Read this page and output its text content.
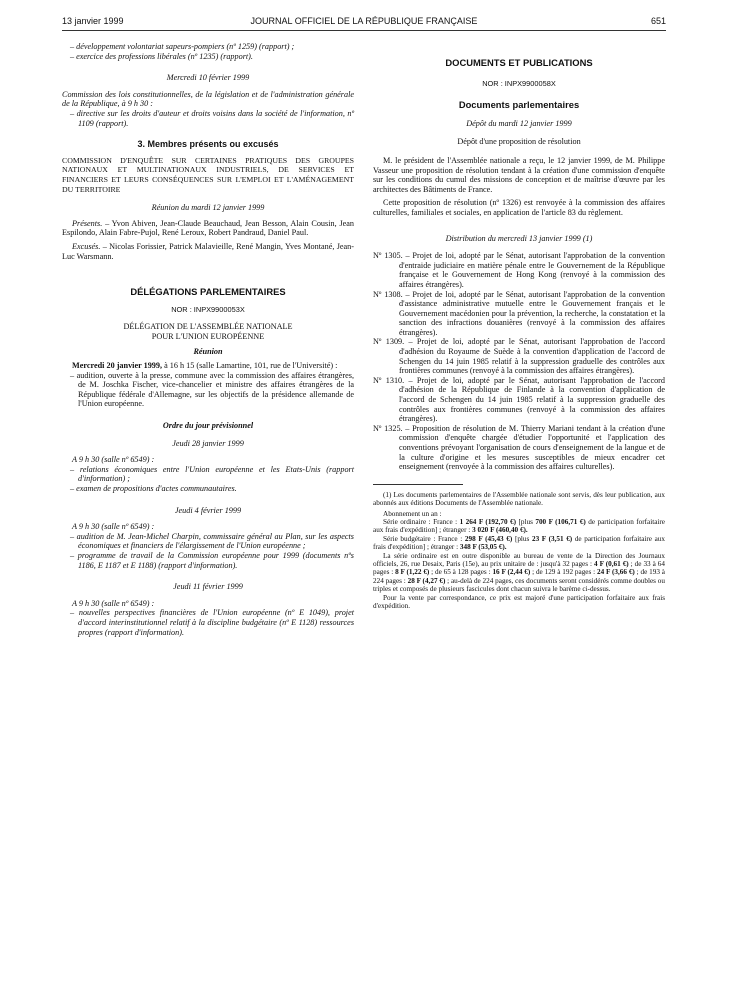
13 janvier 1999	JOURNAL OFFICIEL DE LA RÉPUBLIQUE FRANÇAISE	651

– développement volontariat sapeurs-pompiers (nº 1259) (rapport) ;

– exercice des professions libérales (nº 1235) (rapport).

Mercredi 10 février 1999

Commission des lois constitutionnelles, de la législation et de l'administration générale de la République, à 9 h 30 :

– directive sur les droits d'auteur et droits voisins dans la société de l'information, nº 1109 (rapport).

3. Membres présents ou excusés

COMMISSION D'ENQUÊTE SUR CERTAINES PRATIQUES DES GROUPES NATIONAUX ET MULTINATIONAUX INDUSTRIELS, DE SERVICES ET FINANCIERS ET LEURS CONSÉQUENCES SUR L'EMPLOI ET L'AMÉNAGEMENT DU TERRITOIRE

Réunion du mardi 12 janvier 1999

Présents. – Yvon Abiven, Jean-Claude Beauchaud, Jean Besson, Alain Cousin, Jean Espilondo, Alain Fabre-Pujol, René Leroux, Robert Pandraud, Daniel Paul.

Excusés. – Nicolas Forissier, Patrick Malavieille, René Mangin, Yves Montané, Jean-Luc Warsmann.

DÉLÉGATIONS PARLEMENTAIRES

NOR : INPX9900053X

DÉLÉGATION DE L'ASSEMBLÉE NATIONALE POUR L'UNION EUROPÉENNE

Réunion

Mercredi 20 janvier 1999, à 16 h 15 (salle Lamartine, 101, rue de l'Université) :

– audition, ouverte à la presse, commune avec la commission des affaires étrangères, de M. Joschka Fischer, vice-chancelier et ministre des affaires étrangères de la République fédérale d'Allemagne, sur les objectifs de la présidence allemande de l'Union européenne.

Ordre du jour prévisionnel

Jeudi 28 janvier 1999

A 9 h 30 (salle nº 6549) :

– relations économiques entre l'Union européenne et les Etats-Unis (rapport d'information) ;

– examen de propositions d'actes communautaires.

Jeudi 4 février 1999

A 9 h 30 (salle nº 6549) :

– audition de M. Jean-Michel Charpin, commissaire général au Plan, sur les aspects économiques et financiers de l'élargissement de l'Union européenne ;

– programme de travail de la Commission européenne pour 1999 (documents nºs 1186, E 1187 et E 1188) (rapport d'information).

Jeudi 11 février 1999

A 9 h 30 (salle nº 6549) :

– nouvelles perspectives financières de l'Union européenne (nº E 1049), projet d'accord interinstitutionnel relatif à la discipline budgétaire (nº E 1128) ressources propres (rapport d'information).

DOCUMENTS ET PUBLICATIONS

NOR : INPX9900058X

Documents parlementaires

Dépôt du mardi 12 janvier 1999

Dépôt d'une proposition de résolution

M. le président de l'Assemblée nationale a reçu, le 12 janvier 1999, de M. Philippe Vasseur une proposition de résolution tendant à la création d'une commission d'enquête sur les conditions du cumul des missions de conception et de maîtrise d'œuvre par les architectes des Bâtiments de France.

Cette proposition de résolution (nº 1326) est renvoyée à la commission des affaires culturelles, familiales et sociales, en application de l'article 83 du règlement.

Distribution du mercredi 13 janvier 1999 (1)

Nº 1305. – Projet de loi, adopté par le Sénat, autorisant l'approbation de la convention d'entraide judiciaire en matière pénale entre le Gouvernement de la République française et le Gouvernement de Hong Kong (renvoyé à la commission des affaires étrangères).

Nº 1308. – Projet de loi, adopté par le Sénat, autorisant l'approbation de la convention d'assistance administrative mutuelle entre le Gouvernement français et le Gouvernement macédonien pour la prévention, la recherche, la constatation et la sanction des infractions douanières (renvoyé à la commission des affaires étrangères).

Nº 1309. – Projet de loi, adopté par le Sénat, autorisant l'approbation de l'accord d'adhésion du Royaume de Suède à la convention d'application de l'accord de Schengen du 14 juin 1985 relatif à la suppression graduelle des contrôles aux frontières communes (renvoyé à la commission des affaires étrangères).

Nº 1310. – Projet de loi, adopté par le Sénat, autorisant l'approbation de l'accord d'adhésion de la République de Finlande à la convention d'application de l'accord de Schengen du 14 juin 1985 relatif à la suppression graduelle des contrôles aux frontières communes (renvoyé à la commission des affaires étrangères).

Nº 1325. – Proposition de résolution de M. Thierry Mariani tendant à la création d'une commission d'enquête chargée d'étudier l'opportunité et l'application des conventions prévoyant l'organisation de cours d'enseignement de la langue et de la culture d'origine et les mesures susceptibles de mieux encadrer cet enseignement (renvoyée à la commission des affaires culturelles).

(1) Les documents parlementaires de l'Assemblée nationale sont servis, dès leur publication, aux abonnés aux éditions Documents de l'Assemblée nationale.

Abonnement un an :

Série ordinaire : France : 1 264 F (192,70 €) [plus 700 F (106,71 €) de participation forfaitaire aux frais d'expédition] ; étranger : 3 020 F (460,40 €).

Série budgétaire : France : 298 F (45,43 €) [plus 23 F (3,51 €) de participation forfaitaire aux frais d'expédition] ; étranger : 348 F (53,05 €).

La série ordinaire est en outre disponible au bureau de vente de la Direction des Journaux officiels, 26, rue Desaix, Paris (15e), au prix unitaire de : jusqu'à 32 pages : 4 F (0,61 €) ; de 33 à 64 pages : 8 F (1,22 €) ; de 65 à 128 pages : 16 F (2,44 €) ; de 129 à 192 pages : 24 F (3,66 €) ; de 193 à 224 pages : 28 F (4,27 €) ; au-delà de 224 pages, ces documents seront considérés comme doubles ou triples et composés de plusieurs fascicules dont chacun suivra le barème ci-dessus.

Pour la vente par correspondance, ce prix est majoré d'une participation forfaitaire aux frais d'expédition.
